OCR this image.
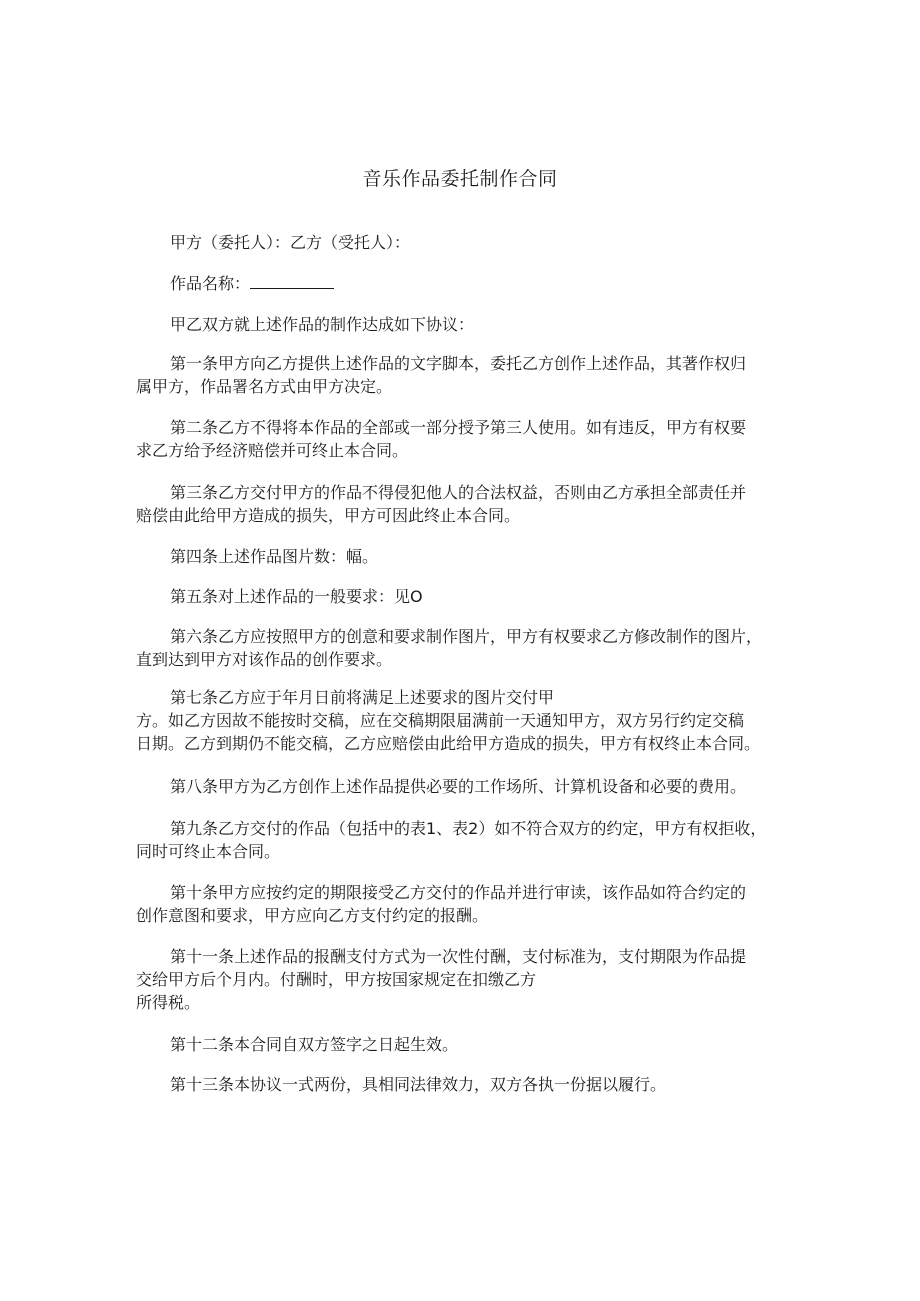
音乐作品委托制作合同

甲方（委托人）：乙方（受托人）：

作品名称：

甲乙双方就上述作品的制作达成如下协议：

第一条甲方向乙方提供上述作品的文字脚本，委托乙方创作上述作品，其著作权归
属甲方，作品署名方式由甲方决定。

第二条乙方不得将本作品的全部或一部分授予第三人使用。如有违反，甲方有权要
求乙方给予经济赔偿并可终止本合同。

第三条乙方交付甲方的作品不得侵犯他人的合法权益，否则由乙方承担全部责任并
赔偿由此给甲方造成的损失，甲方可因此终止本合同。

第四条上述作品图片数：幅。

第五条对上述作品的一般要求：见O

第六条乙方应按照甲方的创意和要求制作图片，甲方有权要求乙方修改制作的图片，
直到达到甲方对该作品的创作要求。

第七条乙方应于年月日前将满足上述要求的图片交付甲
方。如乙方因故不能按时交稿，应在交稿期限届满前一天通知甲方，双方另行约定交稿
日期。乙方到期仍不能交稿，乙方应赔偿由此给甲方造成的损失，甲方有权终止本合同。

第八条甲方为乙方创作上述作品提供必要的工作场所、计算机设备和必要的费用。

第九条乙方交付的作品（包括中的表1、表2）如不符合双方的约定，甲方有权拒收，
同时可终止本合同。

第十条甲方应按约定的期限接受乙方交付的作品并进行审读，该作品如符合约定的
创作意图和要求，甲方应向乙方支付约定的报酬。

第十一条上述作品的报酬支付方式为一次性付酬，支付标准为，支付期限为作品提
交给甲方后个月内。付酬时，甲方按国家规定在扣缴乙方
所得税。

第十二条本合同自双方签字之日起生效。

第十三条本协议一式两份，具相同法律效力，双方各执一份据以履行。
